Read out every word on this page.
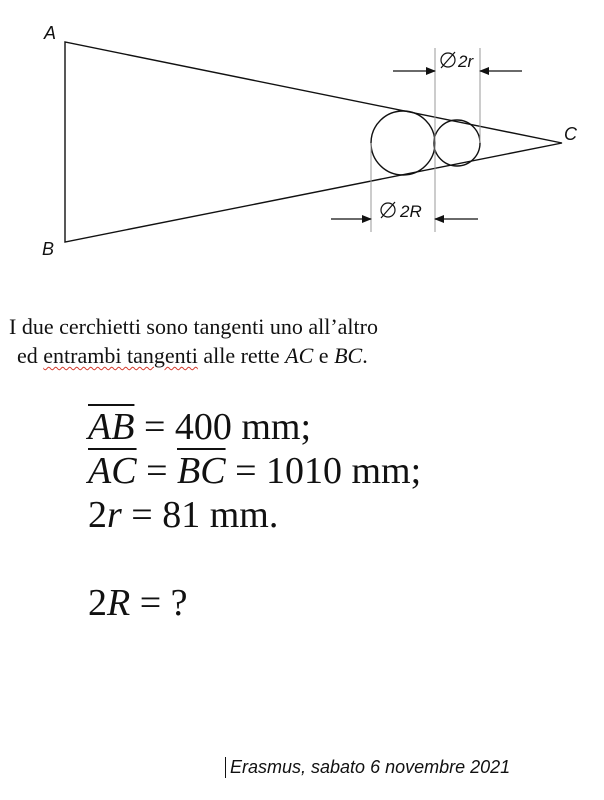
2r
2R
A
B
C

I due cerchietti sono tangenti uno all’altro
ed entrambi tangenti alle rette AC e BC.

$\overline{AB} = 400$ mm;
$\overline{AC} = \overline{BC} = 1010$ mm;
2r = 81 mm.
2R = ?
Erasmus, sabato 6 novembre 2021
